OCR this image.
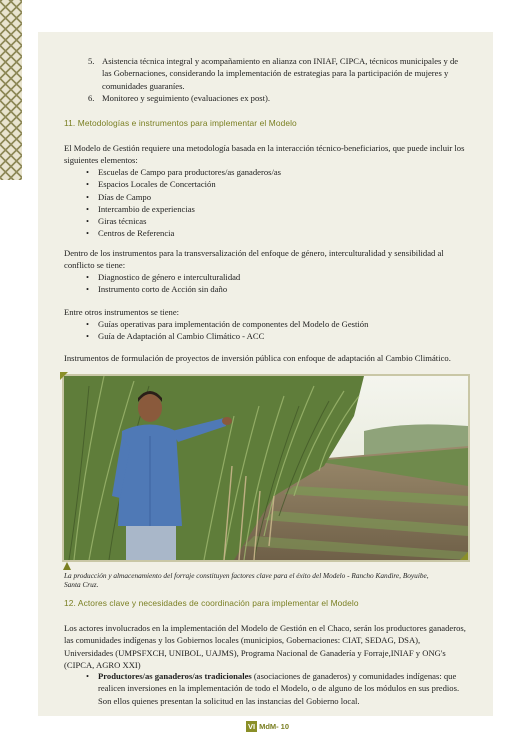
5. Asistencia técnica integral y acompañamiento en alianza con INIAF, CIPCA, técnicos municipales y de las Gobernaciones, considerando la implementación de estrategias para la participación de mujeres y comunidades guaraníes.
6. Monitoreo y seguimiento (evaluaciones ex post).
11. Metodologías e instrumentos para implementar el Modelo
El Modelo de Gestión requiere una metodología basada en la interacción técnico-beneficiarios, que puede incluir los siguientes elementos:
• Escuelas de Campo para productores/as ganaderos/as
• Espacios Locales de Concertación
• Días de Campo
• Intercambio de experiencias
• Giras técnicas
• Centros de Referencia
Dentro de los instrumentos para la transversalización del enfoque de género, interculturalidad y sensibilidad al conflicto se tiene:
• Diagnostico de género e interculturalidad
• Instrumento corto de Acción sin daño
Entre otros instrumentos se tiene:
• Guías operativas para implementación de componentes del Modelo de Gestión
• Guía de Adaptación al Cambio Climático - ACC
Instrumentos de formulación de proyectos de inversión pública con enfoque de adaptación al Cambio Climático.
La producción y almacenamiento del forraje constituyen factores clave para el éxito del Modelo - Rancho Kandire, Boyuibe, Santa Cruz.
12. Actores clave y necesidades de coordinación para implementar el Modelo
Los actores involucrados en la implementación del Modelo de Gestión en el Chaco, serán los productores ganaderos, las comunidades indígenas y los Gobiernos locales (municipios, Gobernaciones: CIAT, SEDAG, DSA), Universidades (UMPSFXCH, UNIBOL, UAJMS), Programa Nacional de Ganadería y Forraje,INIAF y ONG's (CIPCA, AGRO XXI)
• Productores/as ganaderos/as tradicionales (asociaciones de ganaderos) y comunidades indígenas: que realicen inversiones en la implementación de todo el Modelo, o de alguno de los módulos en sus predios. Son ellos quienes presentan la solicitud en las instancias del Gobierno local.
VI MdM- 10
